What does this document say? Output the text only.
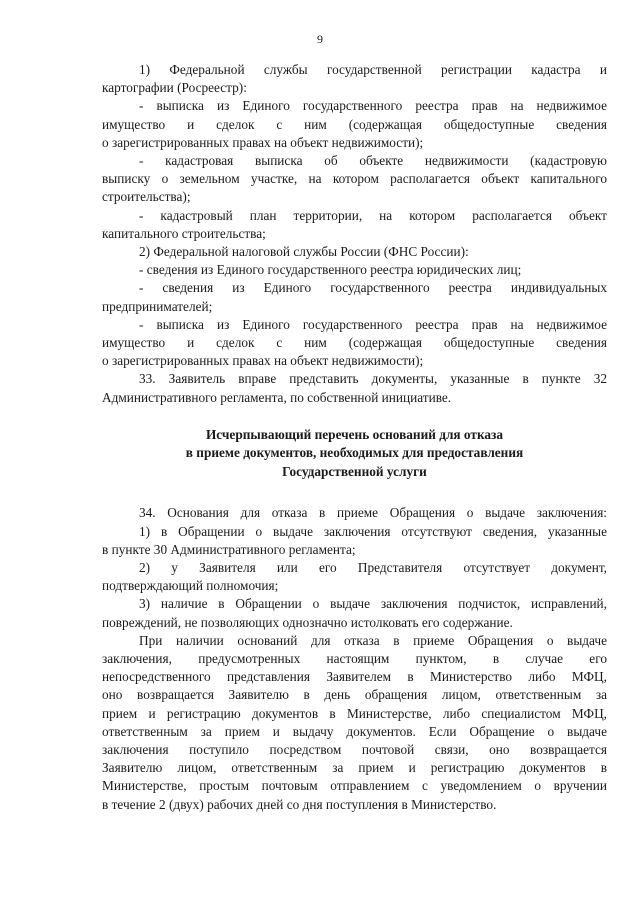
9

1) Федеральной службы государственной регистрации кадастра и

картографии (Росреестр):

- выписка из Единого государственного реестра прав на недвижимое

имущество и сделок с ним (содержащая общедоступные сведения

о зарегистрированных правах на объект недвижимости);

- кадастровая выписка об объекте недвижимости (кадастровую

выписку о земельном участке, на котором располагается объект капитального

строительства);

- кадастровый план территории, на котором располагается объект

капитального строительства;

2) Федеральной налоговой службы России (ФНС России):

- сведения из Единого государственного реестра юридических лиц;

- сведения из Единого государственного реестра индивидуальных

предпринимателей;

- выписка из Единого государственного реестра прав на недвижимое

имущество и сделок с ним (содержащая общедоступные сведения

о зарегистрированных правах на объект недвижимости);

33. Заявитель вправе представить документы, указанные в пункте 32

Административного регламента, по собственной инициативе.

Исчерпывающий перечень оснований для отказа

в приеме документов, необходимых для предоставления

Государственной услуги

34. Основания для отказа в приеме Обращения о выдаче заключения:

1) в Обращении о выдаче заключения отсутствуют сведения, указанные

в пункте 30 Административного регламента;

2) у Заявителя или его Представителя отсутствует документ,

подтверждающий полномочия;

3) наличие в Обращении о выдаче заключения подчисток, исправлений,

повреждений, не позволяющих однозначно истолковать его содержание.

При наличии оснований для отказа в приеме Обращения о выдаче

заключения, предусмотренных настоящим пунктом, в случае его

непосредственного представления Заявителем в Министерство либо МФЦ,

оно возвращается Заявителю в день обращения лицом, ответственным за

прием и регистрацию документов в Министерстве, либо специалистом МФЦ,

ответственным за прием и выдачу документов. Если Обращение о выдаче

заключения поступило посредством почтовой связи, оно возвращается

Заявителю лицом, ответственным за прием и регистрацию документов в

Министерстве, простым почтовым отправлением с уведомлением о вручении

в течение 2 (двух) рабочих дней со дня поступления в Министерство.
